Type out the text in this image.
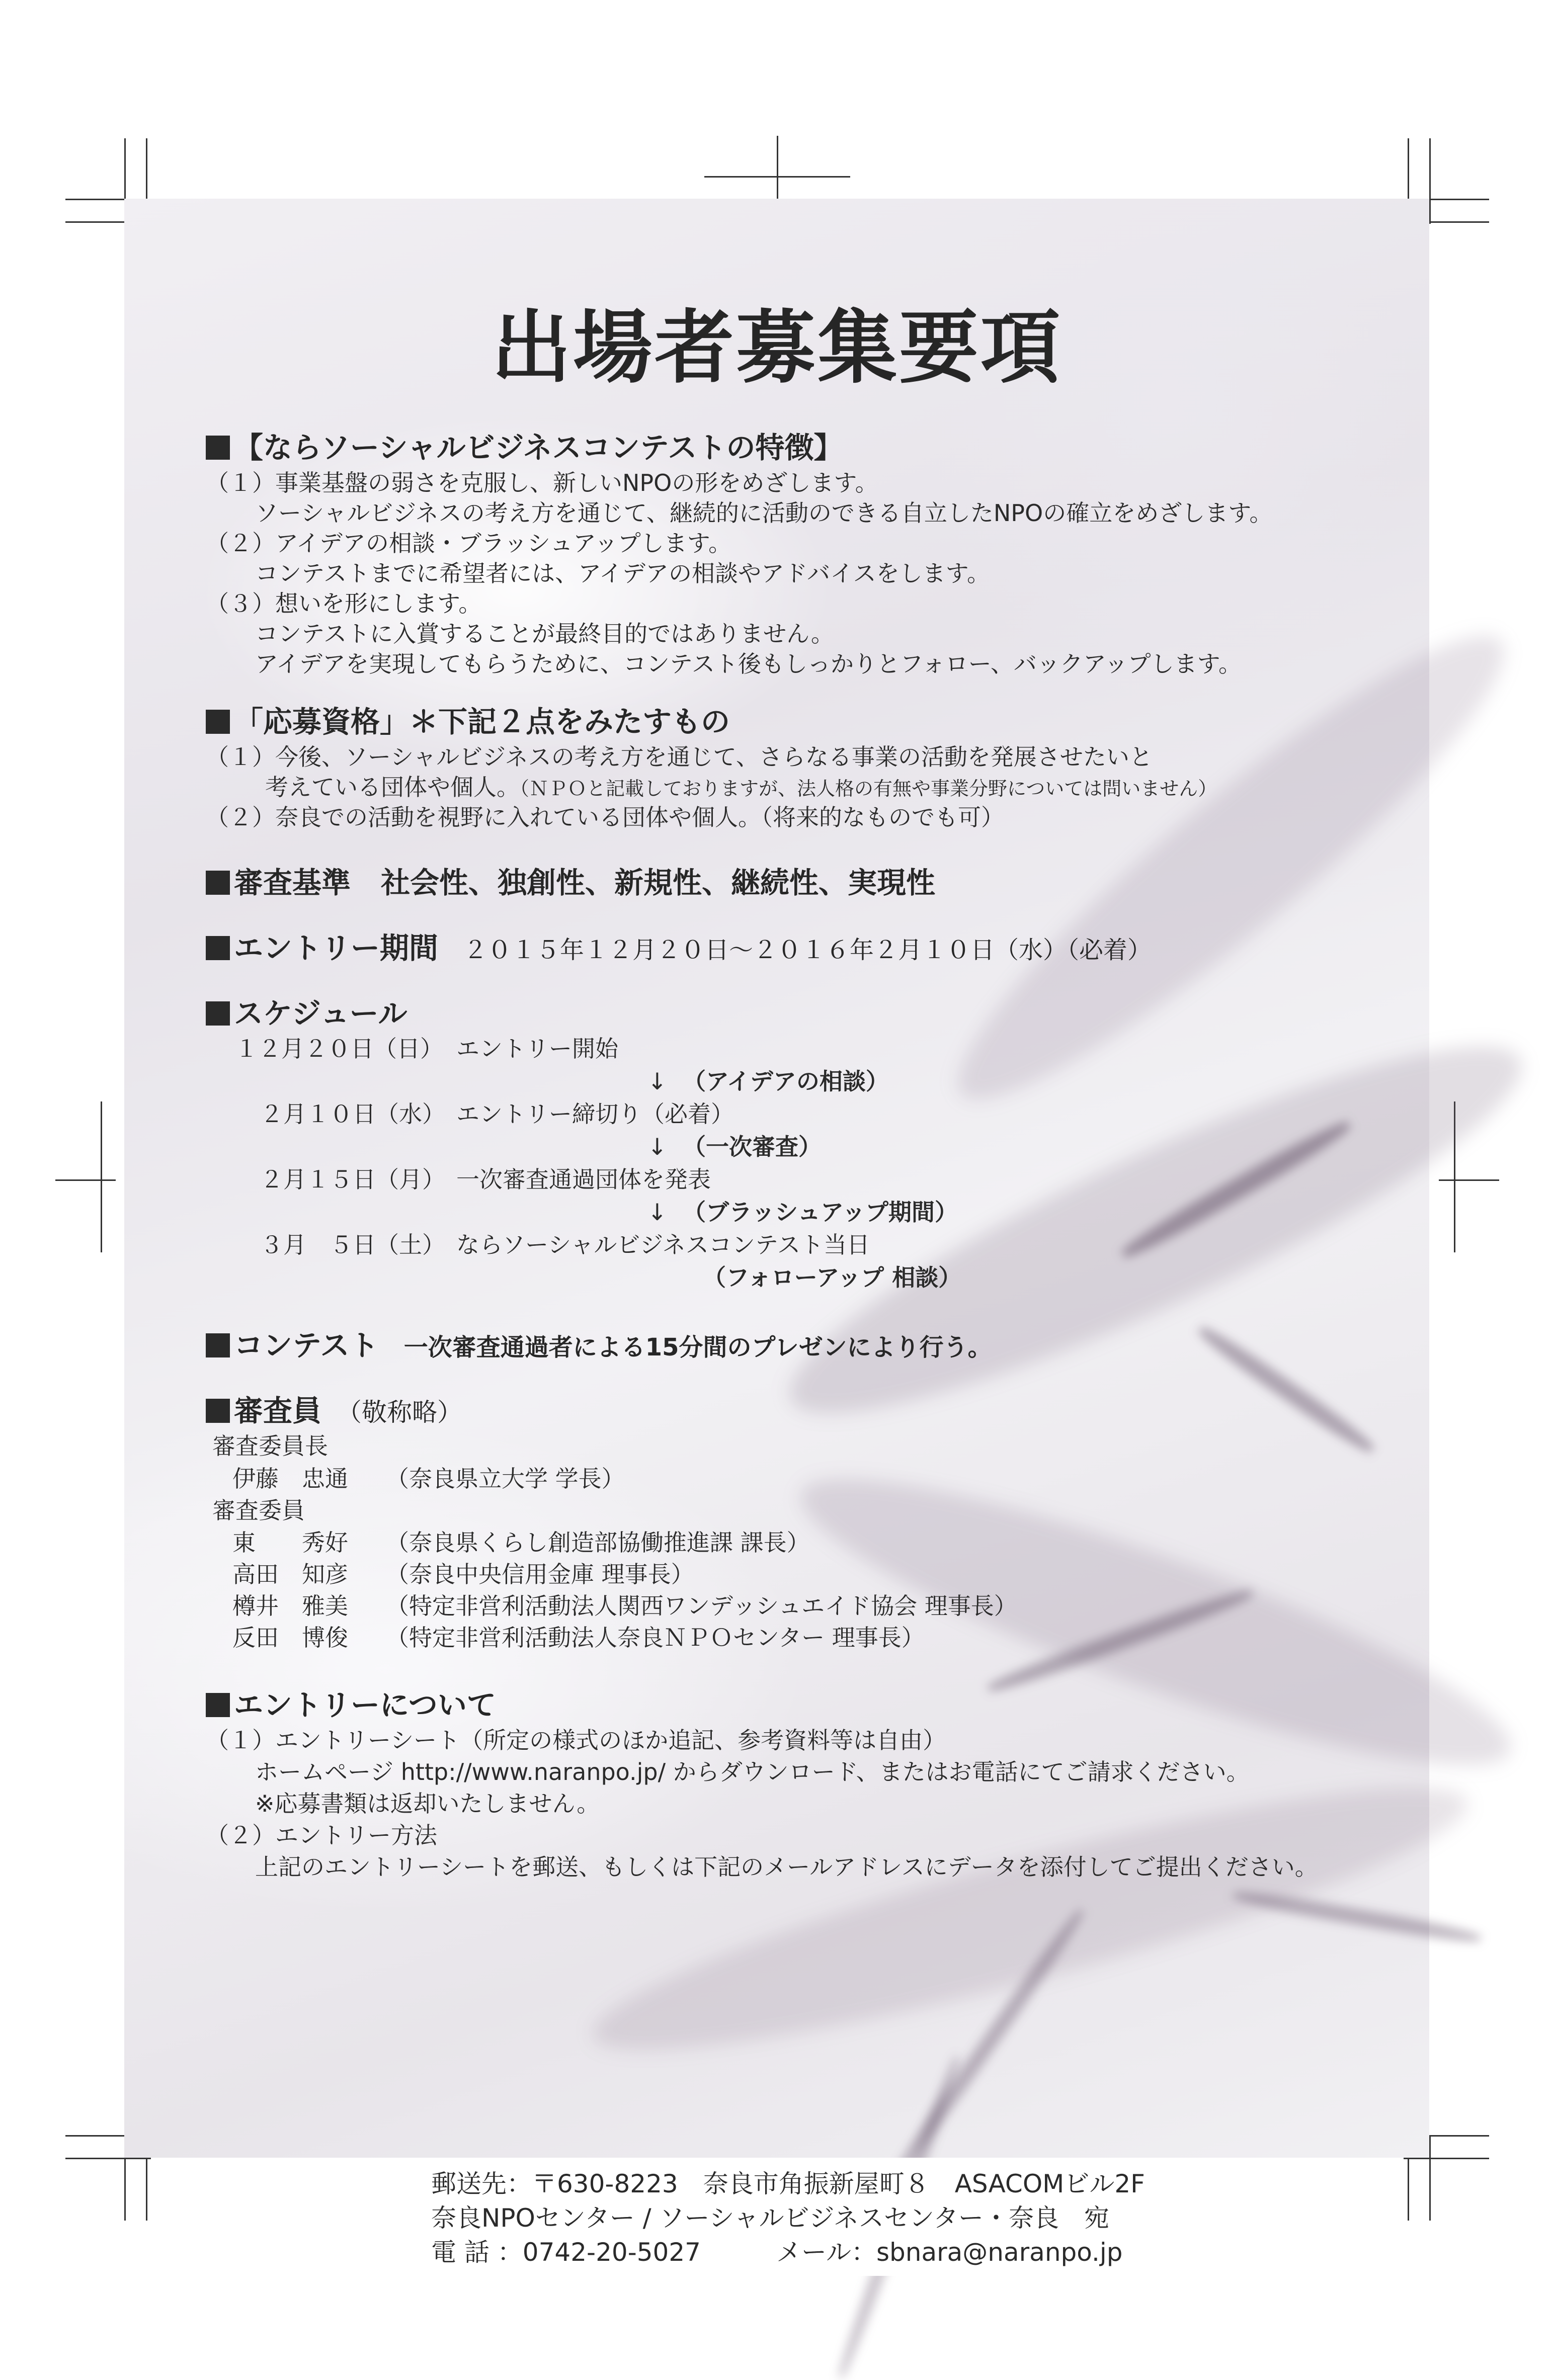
出場者募集要項
【ならソーシャルビジネスコンテストの特徴】
（１）事業基盤の弱さを克服し、新しいNPOの形をめざします。
ソーシャルビジネスの考え方を通じて、継続的に活動のできる自立したNPOの確立をめざします。
（２）アイデアの相談・ブラッシュアップします。
コンテストまでに希望者には、アイデアの相談やアドバイスをします。
（３）想いを形にします。
コンテストに入賞することが最終目的ではありません。
アイデアを実現してもらうために、コンテスト後もしっかりとフォロー、バックアップします。
「応募資格」＊下記２点をみたすもの
（１）今後、ソーシャルビジネスの考え方を通じて、さらなる事業の活動を発展させたいと
考えている団体や個人。（ＮＰＯと記載しておりますが、法人格の有無や事業分野については問いません）
（２）奈良での活動を視野に入れている団体や個人。（将来的なものでも可）
審査基準 社会性、独創性、新規性、継続性、実現性
エントリー期間 ２０１５年１２月２０日～２０１６年２月１０日（水）（必着）
スケジュール
１２月２０日（日） エントリー開始
↓ （アイデアの相談）
２月１０日（水） エントリー締切り（必着）
↓ （一次審査）
２月１５日（月） 一次審査通過団体を発表
↓ （ブラッシュアップ期間）
３月　５日（土） ならソーシャルビジネスコンテスト当日
（フォローアップ 相談）
コンテスト 一次審査通過者による15分間のプレゼンにより行う。
審査員 （敬称略）
審査委員長
伊藤　忠通 （奈良県立大学 学長）
審査委員
東　　秀好 （奈良県くらし創造部協働推進課 課長）
高田　知彦 （奈良中央信用金庫 理事長）
樽井　雅美 （特定非営利活動法人関西ワンデッシュエイド協会 理事長）
反田　博俊 （特定非営利活動法人奈良ＮＰＯセンター 理事長）
エントリーについて
（１）エントリーシート（所定の様式のほか追記、参考資料等は自由）
ホームページ http://www.naranpo.jp/ からダウンロード、またはお電話にてご請求ください。
※応募書類は返却いたしません。
（２）エントリー方法
上記のエントリーシートを郵送、もしくは下記のメールアドレスにデータを添付してご提出ください。
郵送先：〒630-8223　奈良市角振新屋町８　ASACOMビル2F
奈良NPOセンター / ソーシャルビジネスセンター・奈良　宛
電 話 ：0742-20-5027　　　メール：sbnara@naranpo.jp
